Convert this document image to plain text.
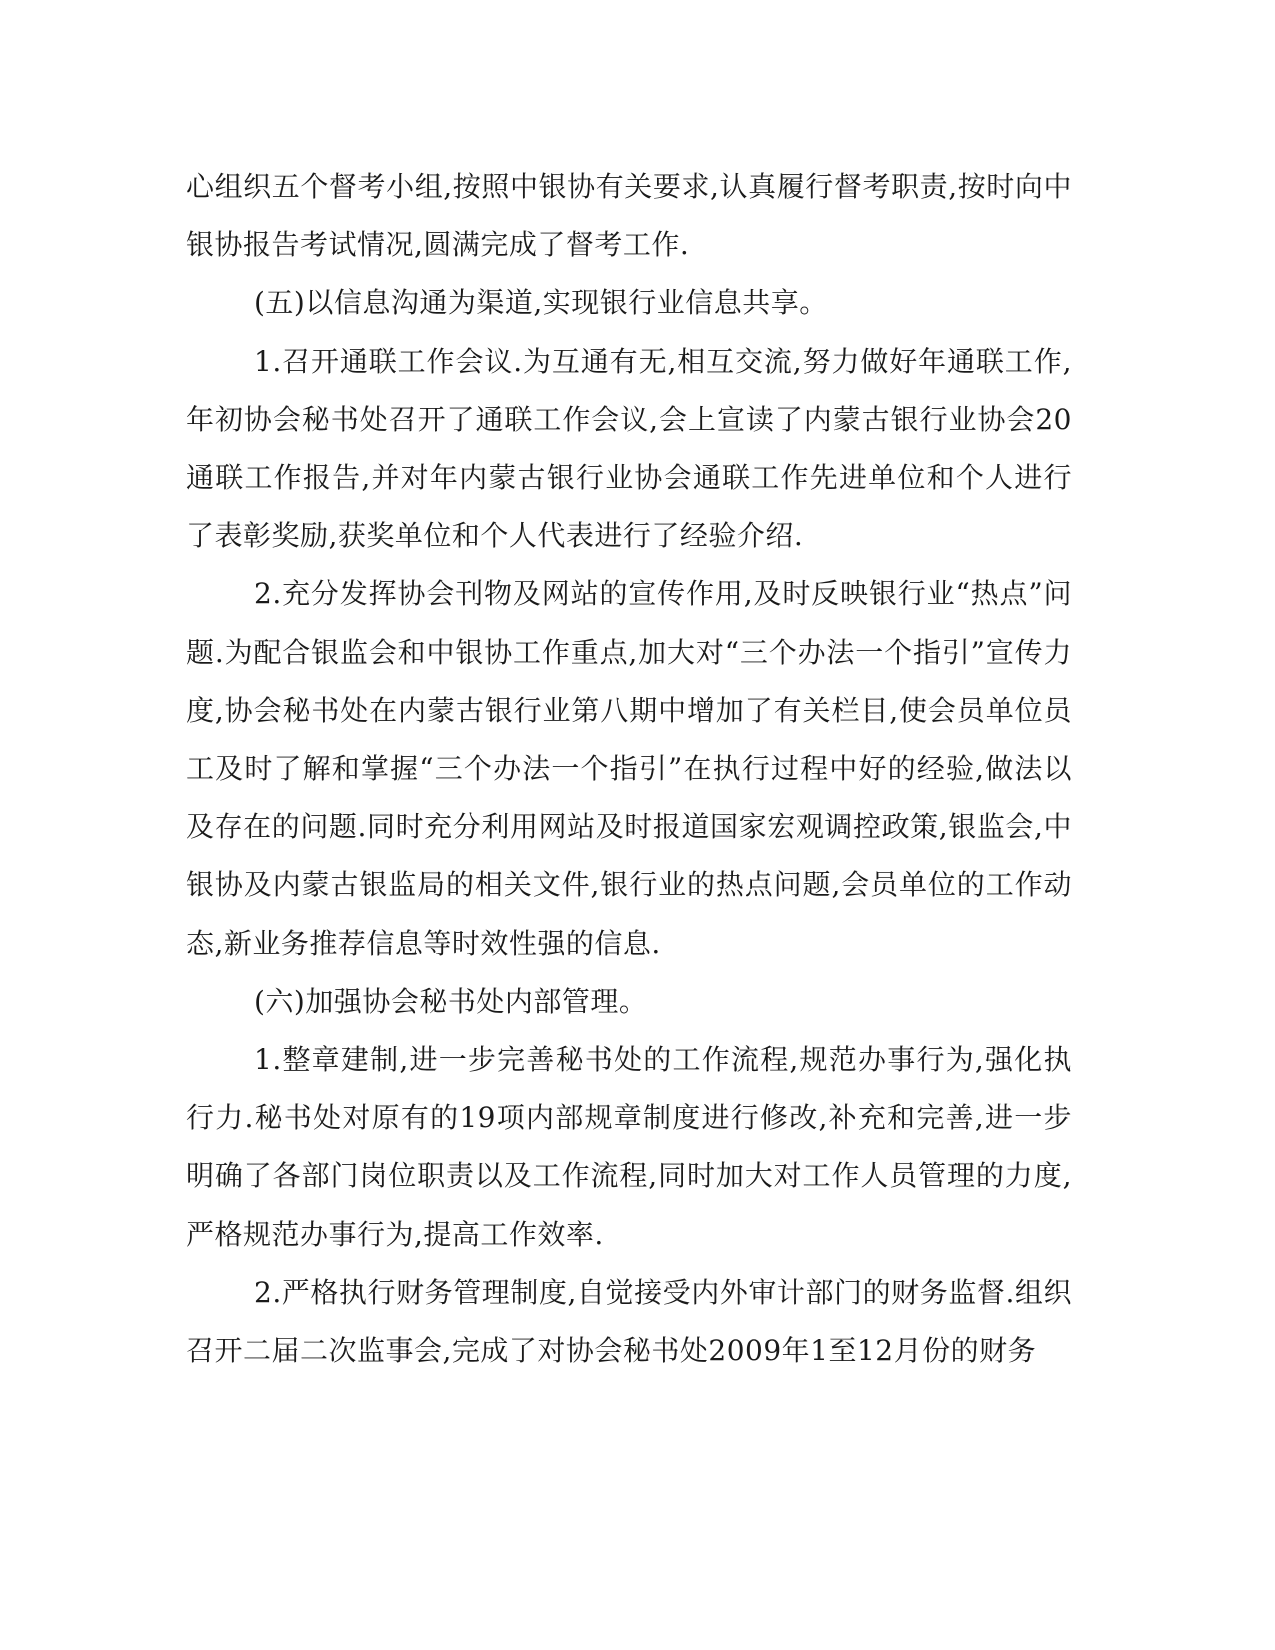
心组织五个督考小组,按照中银协有关要求,认真履行督考职责,按时向中银协报告考试情况,圆满完成了督考工作.

(五)以信息沟通为渠道,实现银行业信息共享。

1.召开通联工作会议.为互通有无,相互交流,努力做好年通联工作,年初协会秘书处召开了通联工作会议,会上宣读了内蒙古银行业协会20通联工作报告,并对年内蒙古银行业协会通联工作先进单位和个人进行了表彰奖励,获奖单位和个人代表进行了经验介绍.

2.充分发挥协会刊物及网站的宣传作用,及时反映银行业“热点”问题.为配合银监会和中银协工作重点,加大对“三个办法一个指引”宣传力度,协会秘书处在内蒙古银行业第八期中增加了有关栏目,使会员单位员工及时了解和掌握“三个办法一个指引”在执行过程中好的经验,做法以及存在的问题.同时充分利用网站及时报道国家宏观调控政策,银监会,中银协及内蒙古银监局的相关文件,银行业的热点问题,会员单位的工作动态,新业务推荐信息等时效性强的信息.

(六)加强协会秘书处内部管理。

1.整章建制,进一步完善秘书处的工作流程,规范办事行为,强化执行力.秘书处对原有的19项内部规章制度进行修改,补充和完善,进一步明确了各部门岗位职责以及工作流程,同时加大对工作人员管理的力度,严格规范办事行为,提高工作效率.

2.严格执行财务管理制度,自觉接受内外审计部门的财务监督.组织召开二届二次监事会,完成了对协会秘书处2009年1至12月份的财务
